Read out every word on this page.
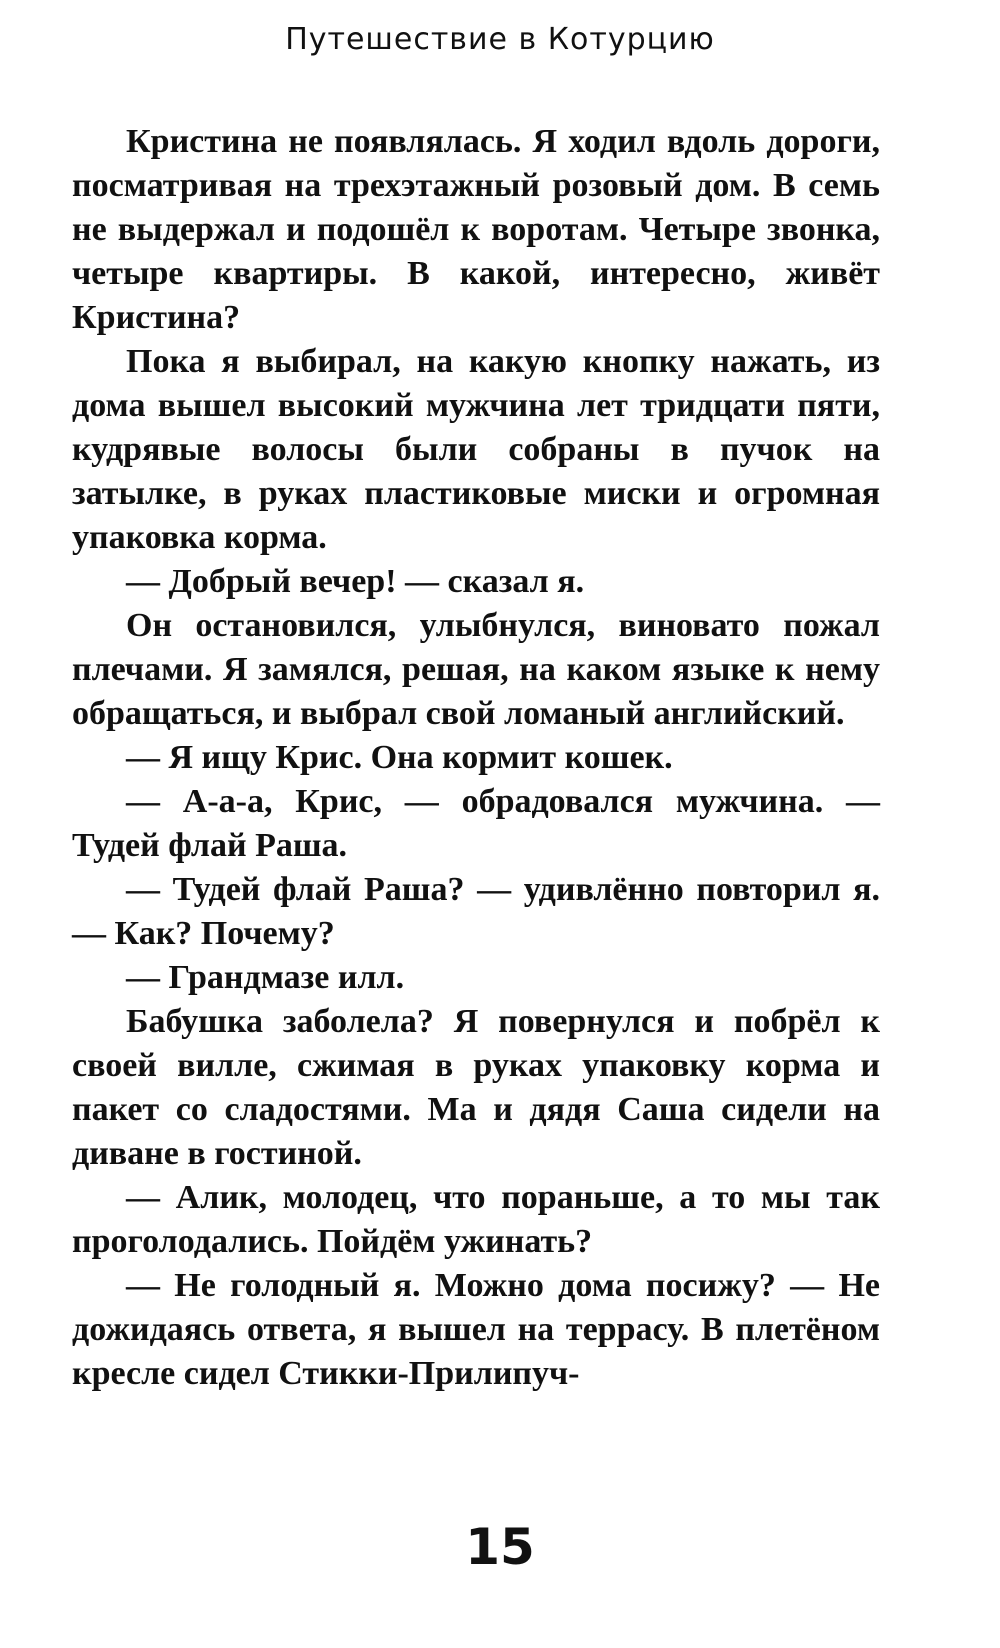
Путешествие в Котурцию

Кристина не появлялась. Я ходил вдоль дороги, посматривая на трехэтажный розовый дом. В семь не выдержал и подошёл к воротам. Четыре звонка, четыре квартиры. В какой, интересно, живёт Кристина?

Пока я выбирал, на какую кнопку нажать, из дома вышел высокий мужчина лет тридцати пяти, кудрявые волосы были собраны в пучок на затылке, в руках пластиковые миски и огромная упаковка корма.

— Добрый вечер! — сказал я.

Он остановился, улыбнулся, виновато пожал плечами. Я замялся, решая, на каком языке к нему обращаться, и выбрал свой ломаный английский.

— Я ищу Крис. Она кормит кошек.

— А-а-а, Крис, — обрадовался мужчина. — Тудей флай Раша.

— Тудей флай Раша? — удивлённо повторил я. — Как? Почему?

— Грандмазе илл.

Бабушка заболела? Я повернулся и побрёл к своей вилле, сжимая в руках упаковку корма и пакет со сладостями. Ма и дядя Саша сидели на диване в гостиной.

— Алик, молодец, что пораньше, а то мы так проголодались. Пойдём ужинать?

— Не голодный я. Можно дома посижу? — Не дожидаясь ответа, я вышел на террасу. В плетёном кресле сидел Стикки-Прилипуч-

15
